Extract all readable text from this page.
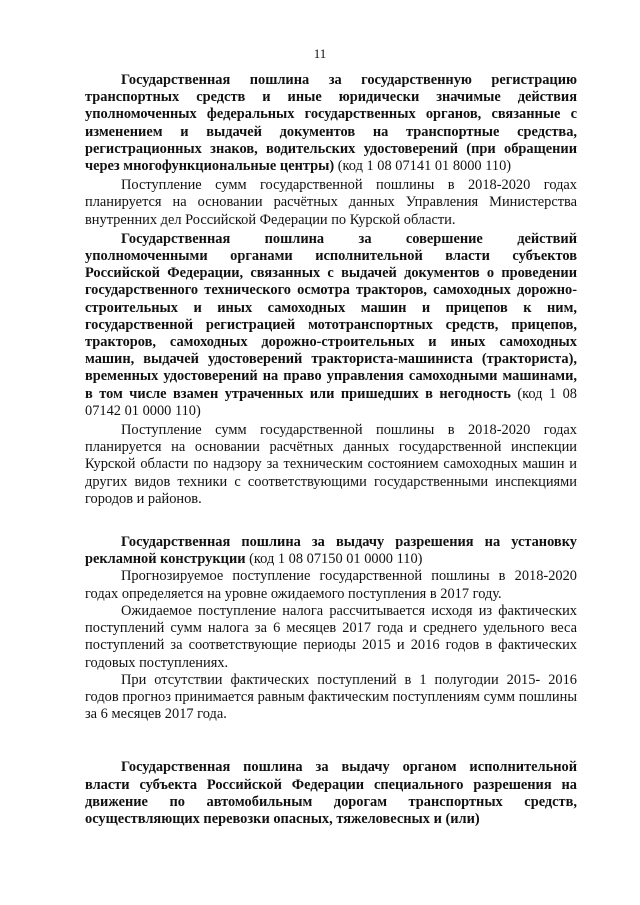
11

Государственная пошлина за государственную регистрацию транспортных средств и иные юридически значимые действия уполномоченных федеральных государственных органов, связанные с изменением и выдачей документов на транспортные средства, регистрационных знаков, водительских удостоверений (при обращении через многофункциональные центры) (код 1 08 07141 01 8000 110)

Поступление сумм государственной пошлины в 2018-2020 годах планируется на основании расчётных данных Управления Министерства внутренних дел Российской Федерации по Курской области.

Государственная пошлина за совершение действий уполномоченными органами исполнительной власти субъектов Российской Федерации, связанных с выдачей документов о проведении государственного технического осмотра тракторов, самоходных дорожно-строительных и иных самоходных машин и прицепов к ним, государственной регистрацией мототранспортных средств, прицепов, тракторов, самоходных дорожно-строительных и иных самоходных машин, выдачей удостоверений тракториста-машиниста (тракториста), временных удостоверений на право управления самоходными машинами, в том числе взамен утраченных или пришедших в негодность (код 1 08 07142 01 0000 110)

Поступление сумм государственной пошлины в 2018-2020 годах планируется на основании расчётных данных государственной инспекции Курской области по надзору за техническим состоянием самоходных машин и других видов техники с соответствующими государственными инспекциями городов и районов.

Государственная пошлина за выдачу разрешения на установку рекламной конструкции (код 1 08 07150 01 0000 110)

Прогнозируемое поступление государственной пошлины в 2018-2020 годах определяется на уровне ожидаемого поступления в 2017 году.

Ожидаемое поступление налога рассчитывается исходя из фактических поступлений сумм налога за 6 месяцев 2017 года и среднего удельного веса поступлений за соответствующие периоды 2015 и 2016 годов в фактических годовых поступлениях.

При отсутствии фактических поступлений в 1 полугодии 2015- 2016 годов прогноз принимается равным фактическим поступлениям сумм пошлины за 6 месяцев 2017 года.

Государственная пошлина за выдачу органом исполнительной власти субъекта Российской Федерации специального разрешения на движение по автомобильным дорогам транспортных средств, осуществляющих перевозки опасных, тяжеловесных и (или)
